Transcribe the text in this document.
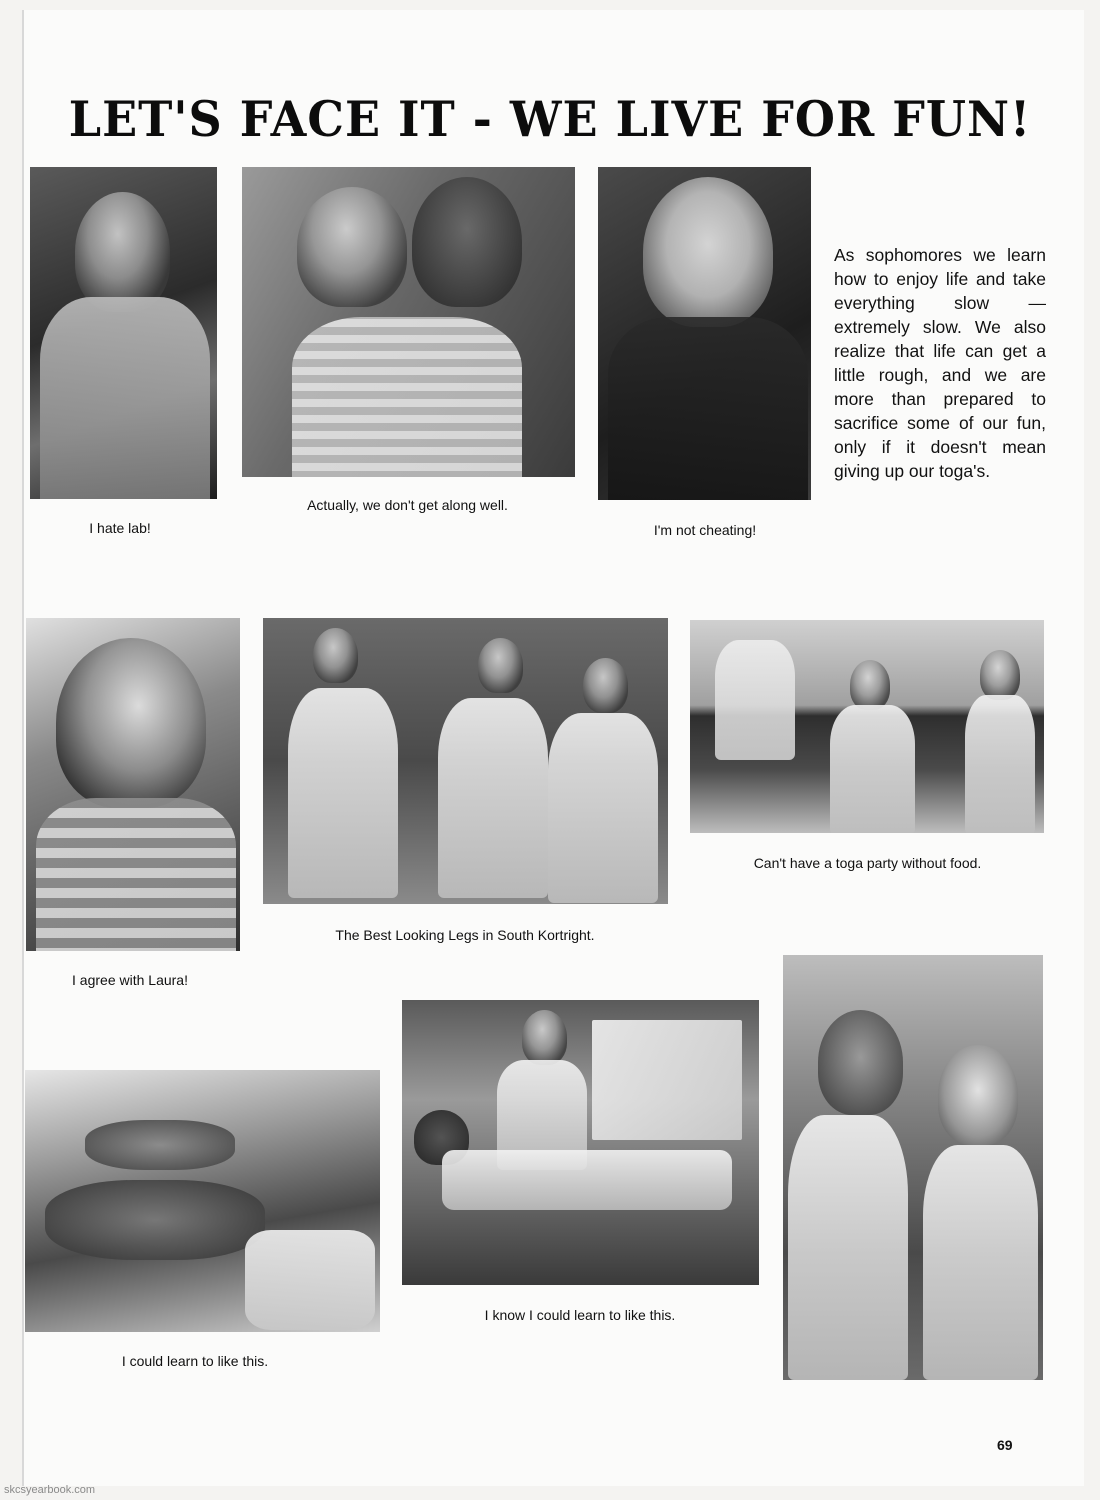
LET'S FACE IT - WE LIVE FOR FUN!
I hate lab!
Actually, we don't get along well.
I'm not cheating!

As sophomores we learn how to enjoy life and take everything slow — extremely slow. We also realize that life can get a little rough, and we are more than prepared to sacrifice some of our fun, only if it doesn't mean giving up our toga's.

I agree with Laura!
The Best Looking Legs in South Kortright.
Can't have a toga party without food.
I could learn to like this.
I know I could learn to like this.
69
skcsyearbook.com
